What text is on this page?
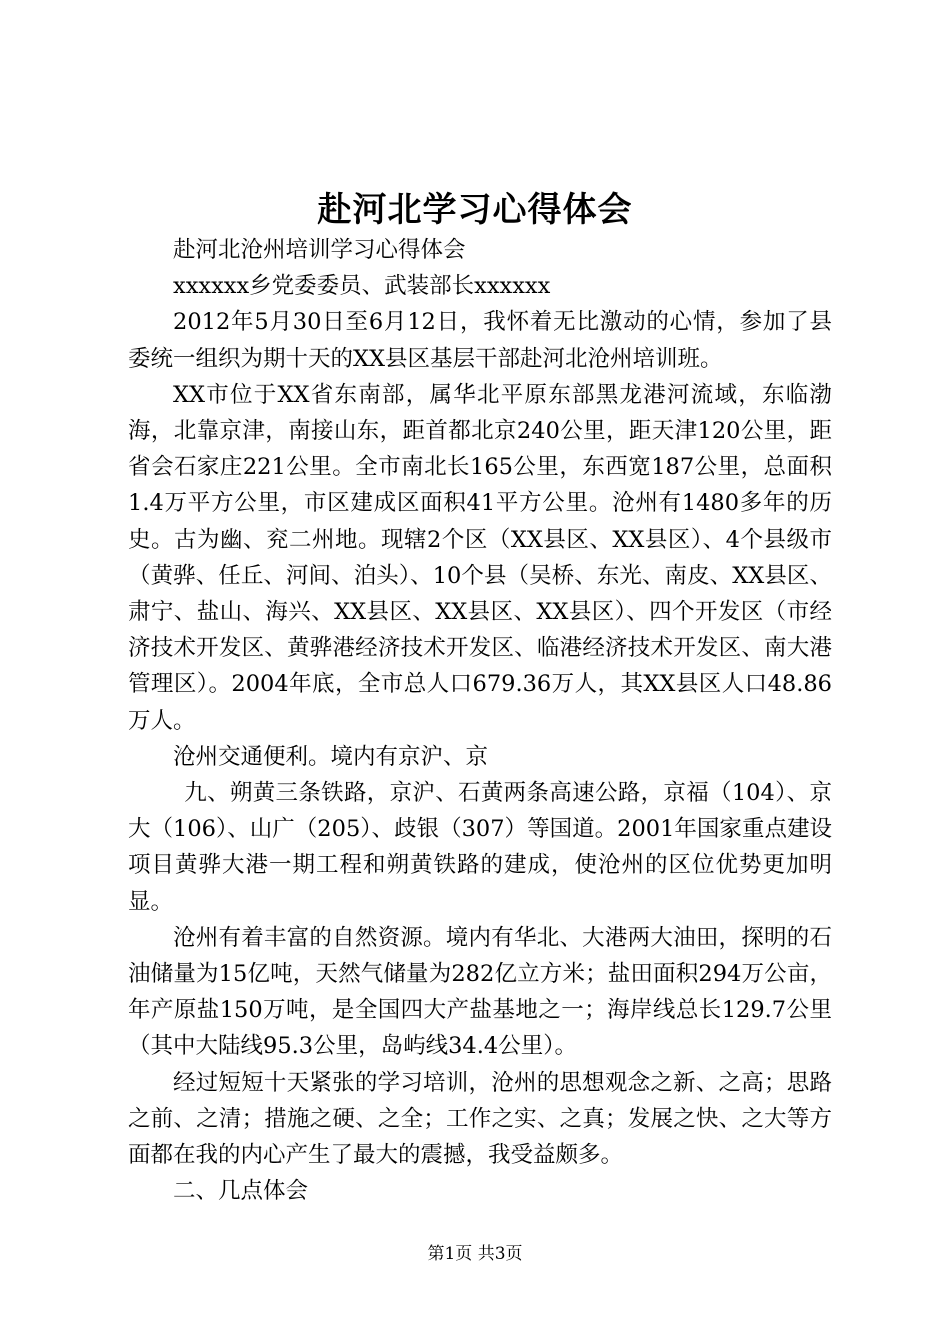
赴河北学习心得体会

赴河北沧州培训学习心得体会

xxxxxx乡党委委员、武装部长xxxxxx

2012年5月30日至6月12日，我怀着无比激动的心情，参加了县委统一组织为期十天的XX县区基层干部赴河北沧州培训班。

XX市位于XX省东南部，属华北平原东部黑龙港河流域，东临渤海，北靠京津，南接山东，距首都北京240公里，距天津120公里，距省会石家庄221公里。全市南北长165公里，东西宽187公里，总面积1.4万平方公里，市区建成区面积41平方公里。沧州有1480多年的历史。古为幽、兖二州地。现辖2个区（XX县区、XX县区）、4个县级市（黄骅、任丘、河间、泊头）、10个县（吴桥、东光、南皮、XX县区、肃宁、盐山、海兴、XX县区、XX县区、XX县区）、四个开发区（市经济技术开发区、黄骅港经济技术开发区、临港经济技术开发区、南大港管理区）。2004年底，全市总人口679.36万人，其XX县区人口48.86万人。

沧州交通便利。境内有京沪、京

九、朔黄三条铁路，京沪、石黄两条高速公路，京福（104）、京大（106）、山广（205）、歧银（307）等国道。2001年国家重点建设项目黄骅大港一期工程和朔黄铁路的建成，使沧州的区位优势更加明显。

沧州有着丰富的自然资源。境内有华北、大港两大油田，探明的石油储量为15亿吨，天然气储量为282亿立方米；盐田面积294万公亩，年产原盐150万吨，是全国四大产盐基地之一；海岸线总长129.7公里（其中大陆线95.3公里，岛屿线34.4公里）。

经过短短十天紧张的学习培训，沧州的思想观念之新、之高；思路之前、之清；措施之硬、之全；工作之实、之真；发展之快、之大等方面都在我的内心产生了最大的震撼，我受益颇多。

二、几点体会

第1页 共3页
